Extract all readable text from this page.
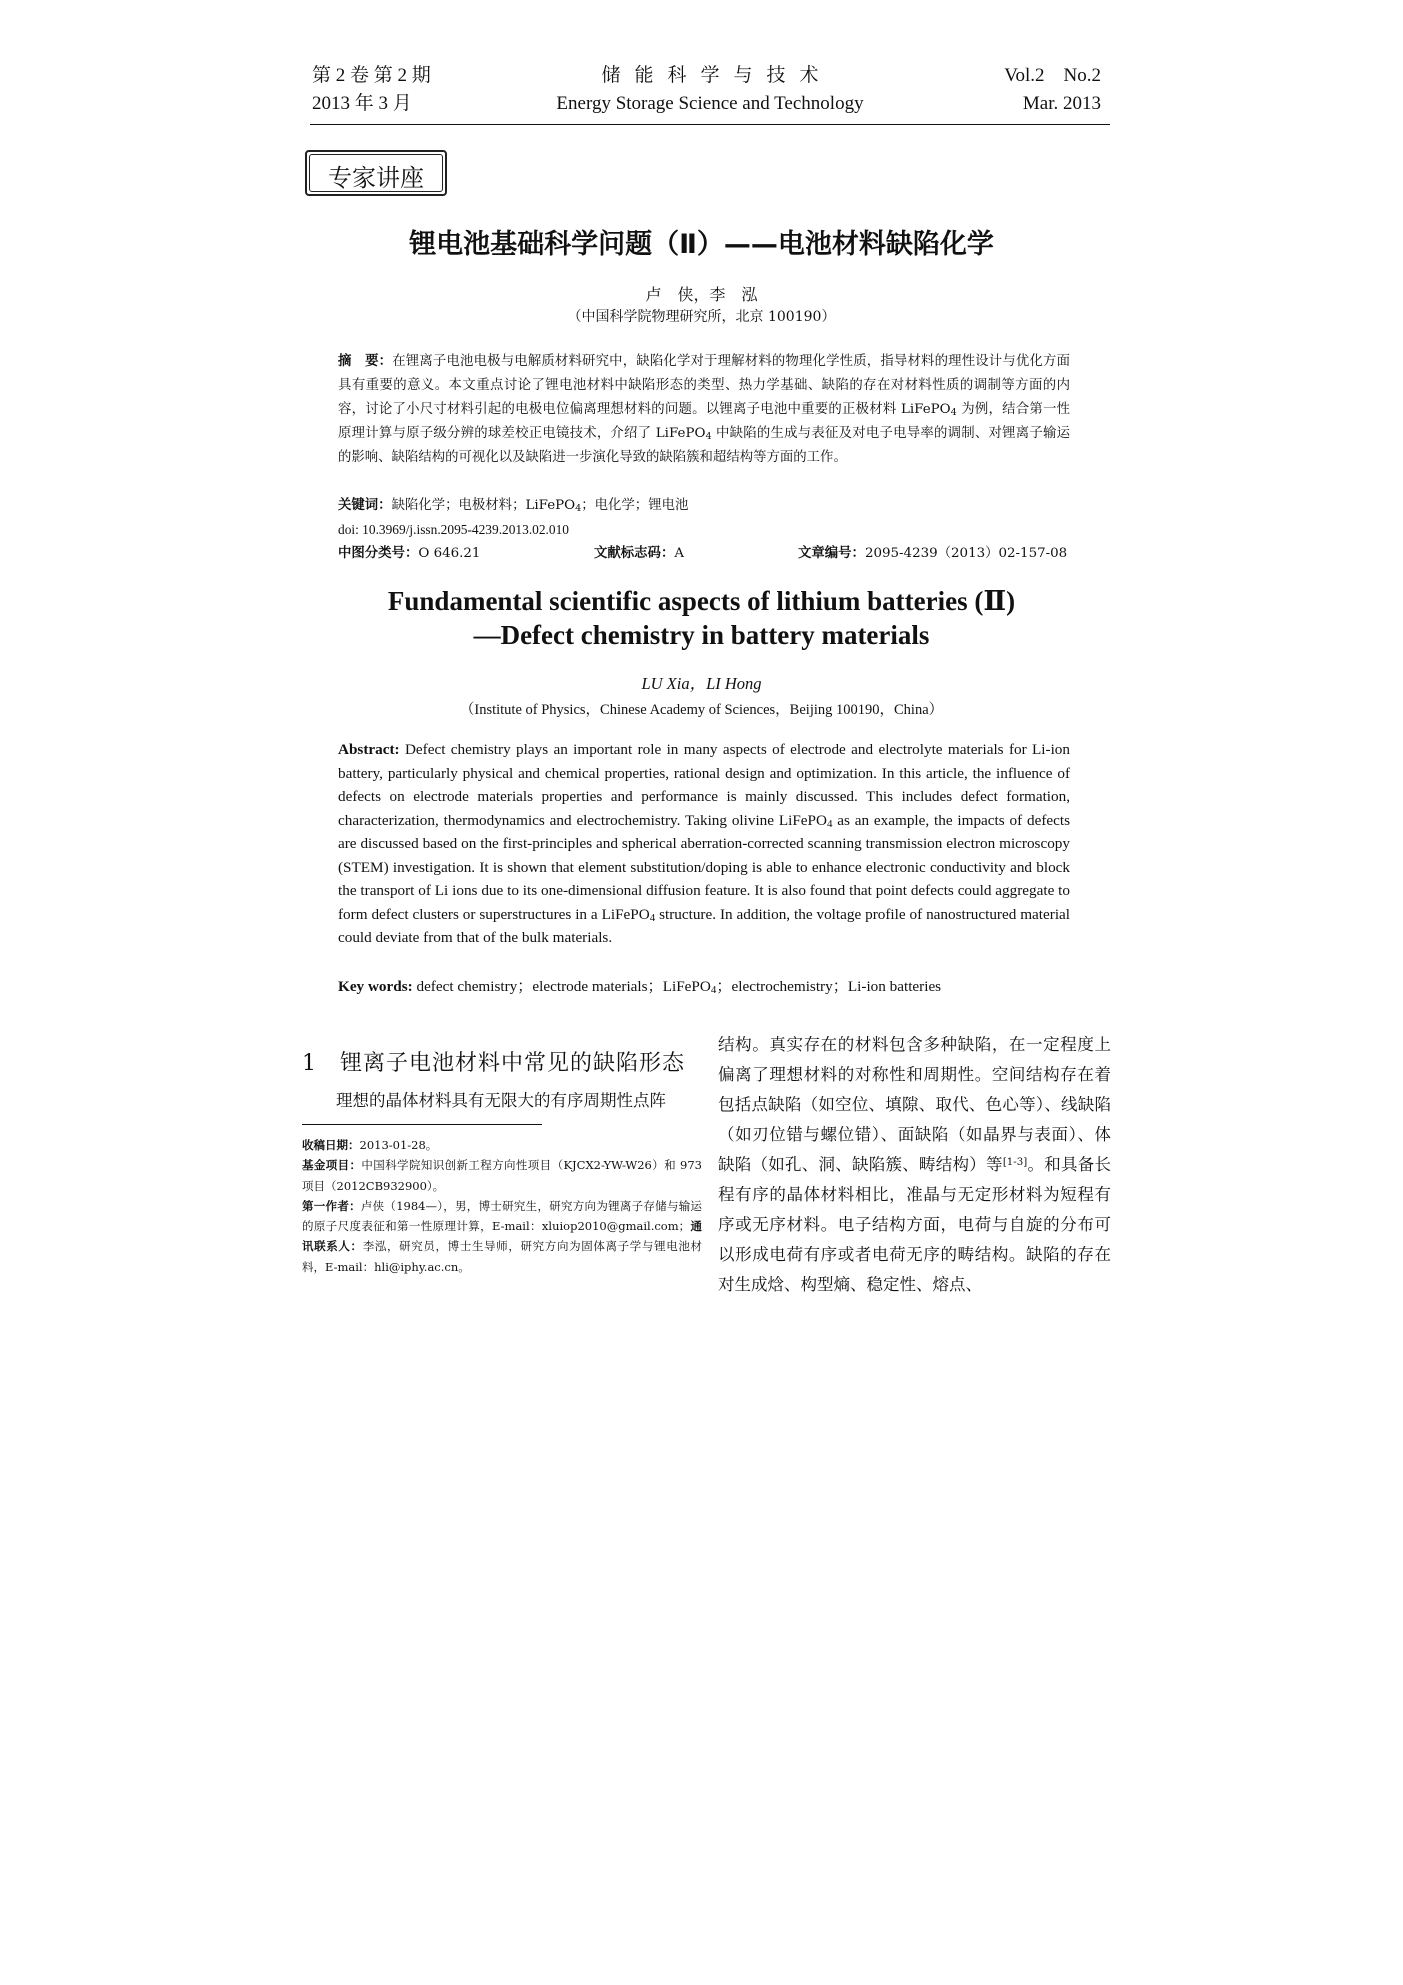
第 2 卷 第 2 期
2013 年 3 月
储能科学与技术
Energy Storage Science and Technology
Vol.2    No.2
Mar. 2013
专家讲座
锂电池基础科学问题（Ⅱ）——电池材料缺陷化学
卢　侠，李　泓
（中国科学院物理研究所，北京 100190）
摘　要：在锂离子电池电极与电解质材料研究中，缺陷化学对于理解材料的物理化学性质，指导材料的理性设计与优化方面具有重要的意义。本文重点讨论了锂电池材料中缺陷形态的类型、热力学基础、缺陷的存在对材料性质的调制等方面的内容，讨论了小尺寸材料引起的电极电位偏离理想材料的问题。以锂离子电池中重要的正极材料 LiFePO$_4$ 为例，结合第一性原理计算与原子级分辨的球差校正电镜技术，介绍了 LiFePO$_4$ 中缺陷的生成与表征及对电子电导率的调制、对锂离子输运的影响、缺陷结构的可视化以及缺陷进一步演化导致的缺陷簇和超结构等方面的工作。
关键词：缺陷化学；电极材料；LiFePO$_4$；电化学；锂电池
doi: 10.3969/j.issn.2095-4239.2013.02.010
中图分类号：O 646.21	文献标志码：A	文章编号：2095-4239（2013）02-157-08
Fundamental scientific aspects of lithium batteries (Ⅱ)
—Defect chemistry in battery materials
LU Xia，LI Hong
（Institute of Physics，Chinese Academy of Sciences，Beijing 100190，China）
Abstract: Defect chemistry plays an important role in many aspects of electrode and electrolyte materials for Li-ion battery, particularly physical and chemical properties, rational design and optimization. In this article, the influence of defects on electrode materials properties and performance is mainly discussed. This includes defect formation, characterization, thermodynamics and electrochemistry. Taking olivine LiFePO$_4$ as an example, the impacts of defects are discussed based on the first-principles and spherical aberration-corrected scanning transmission electron microscopy (STEM) investigation. It is shown that element substitution/doping is able to enhance electronic conductivity and block the transport of Li ions due to its one-dimensional diffusion feature. It is also found that point defects could aggregate to form defect clusters or superstructures in a LiFePO$_4$ structure. In addition, the voltage profile of nanostructured material could deviate from that of the bulk materials.
Key words: defect chemistry；electrode materials；LiFePO$_4$；electrochemistry；Li-ion batteries
1　锂离子电池材料中常见的缺陷形态
理想的晶体材料具有无限大的有序周期性点阵
收稿日期：2013-01-28。
基金项目：中国科学院知识创新工程方向性项目（KJCX2-YW-W26）和 973 项目（2012CB932900）。
第一作者：卢侠（1984—），男，博士研究生，研究方向为锂离子存储与输运的原子尺度表征和第一性原理计算，E-mail：xluiop2010@gmail.com；通讯联系人：李泓，研究员，博士生导师，研究方向为固体离子学与锂电池材料，E-mail：hli@iphy.ac.cn。
结构。真实存在的材料包含多种缺陷，在一定程度上偏离了理想材料的对称性和周期性。空间结构存在着包括点缺陷（如空位、填隙、取代、色心等）、线缺陷（如刃位错与螺位错）、面缺陷（如晶界与表面）、体缺陷（如孔、洞、缺陷簇、畴结构）等[1-3]。和具备长程有序的晶体材料相比，准晶与无定形材料为短程有序或无序材料。电子结构方面，电荷与自旋的分布可以形成电荷有序或者电荷无序的畴结构。缺陷的存在对生成焓、构型熵、稳定性、熔点、
